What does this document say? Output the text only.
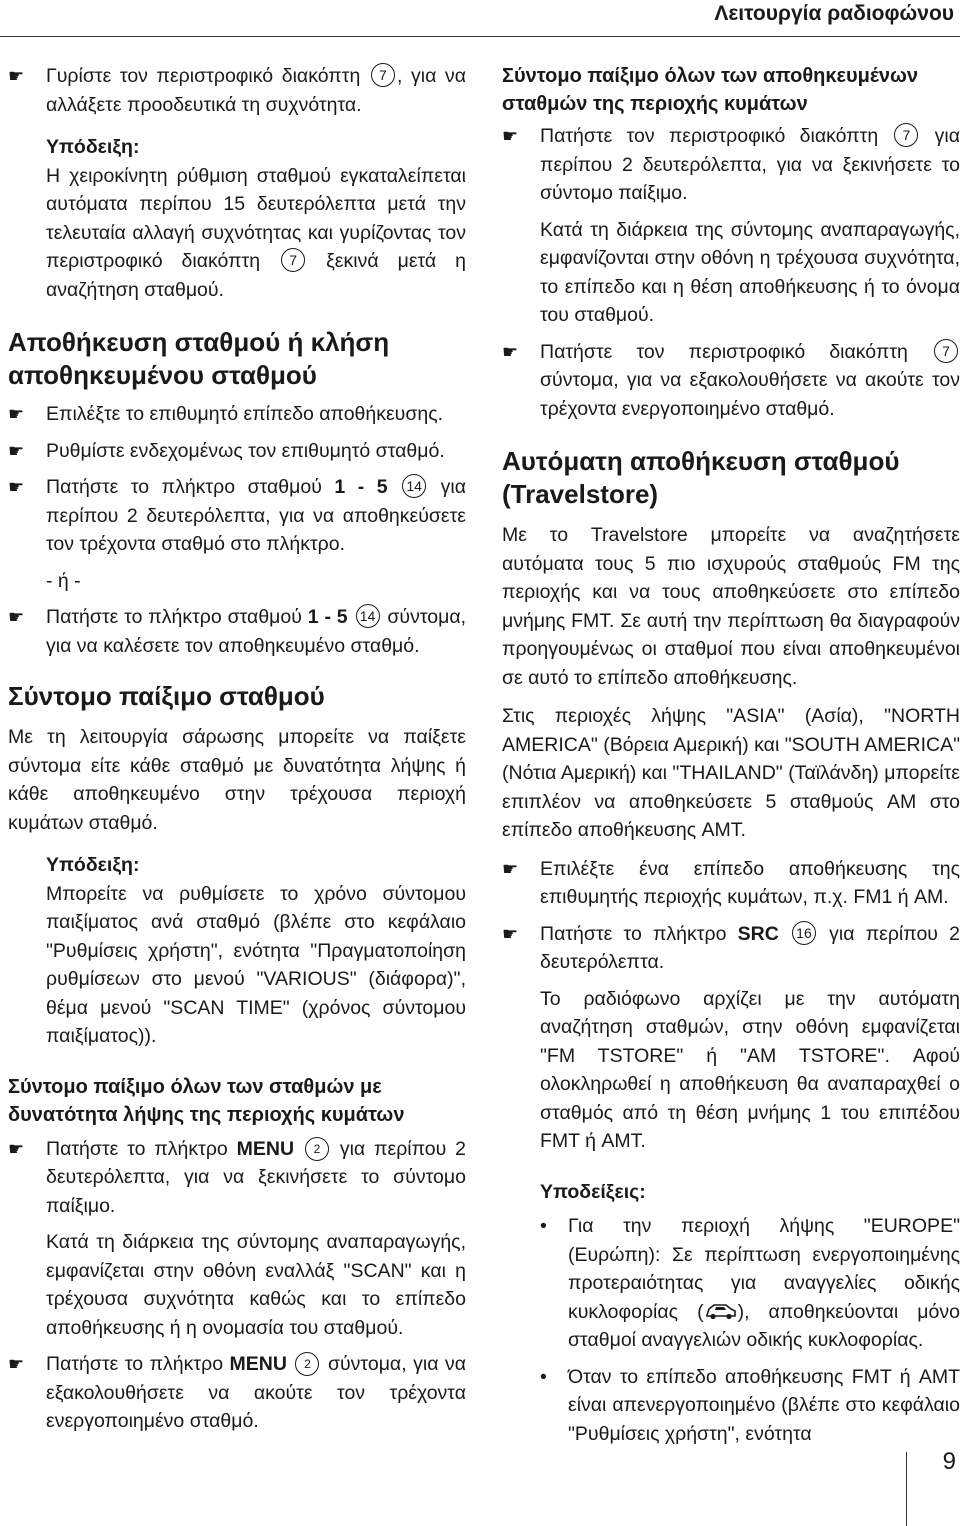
Λειτουργία ραδιοφώνου
☛ Γυρίστε τον περιστροφικό διακόπτη 7 , για να αλλάξετε προοδευτικά τη συχνότητα.

Υπόδειξη:

Η χειροκίνητη ρύθμιση σταθμού εγκαταλείπεται αυτόματα περίπου 15 δευτερόλεπτα μετά την τελευταία αλλαγή συχνότητας και γυρίζοντας τον περιστροφικό διακόπτη 7 ξεκινά μετά η αναζήτηση σταθμού.

Αποθήκευση σταθμού ή κλήση αποθηκευμένου σταθμού
☛ Επιλέξτε το επιθυμητό επίπεδο αποθήκευσης.
☛ Ρυθμίστε ενδεχομένως τον επιθυμητό σταθμό.
☛ Πατήστε το πλήκτρο σταθμού 1 - 5 14 για περίπου 2 δευτερόλεπτα, για να αποθηκεύσετε τον τρέχοντα σταθμό στο πλήκτρο.

- ή -

☛ Πατήστε το πλήκτρο σταθμού 1 - 5 14 σύντομα, για να καλέσετε τον αποθηκευμένο σταθμό.
Σύντομο παίξιμο σταθμού

Με τη λειτουργία σάρωσης μπορείτε να παίξετε σύντομα είτε κάθε σταθμό με δυνατότητα λήψης ή κάθε αποθηκευμένο στην τρέχουσα περιοχή κυμάτων σταθμό.

Υπόδειξη:

Μπορείτε να ρυθμίσετε το χρόνο σύντομου παιξίματος ανά σταθμό (βλέπε στο κεφάλαιο "Ρυθμίσεις χρήστη", ενότητα "Πραγματοποίηση ρυθμίσεων στο μενού "VARIOUS" (διάφορα)", θέμα μενού "SCAN TIME" (χρόνος σύντομου παιξίματος)).

Σύντομο παίξιμο όλων των σταθμών με δυνατότητα λήψης της περιοχής κυμάτων
☛ Πατήστε το πλήκτρο MENU 2 για περίπου 2 δευτερόλεπτα, για να ξεκινήσετε το σύντομο παίξιμο.

Κατά τη διάρκεια της σύντομης αναπαραγωγής, εμφανίζεται στην οθόνη εναλλάξ "SCAN" και η τρέχουσα συχνότητα καθώς και το επίπεδο αποθήκευσης ή η ονομασία του σταθμού.

☛ Πατήστε το πλήκτρο MENU 2 σύντομα, για να εξακολουθήσετε να ακούτε τον τρέχοντα ενεργοποιημένο σταθμό.
Σύντομο παίξιμο όλων των αποθηκευμένων σταθμών της περιοχής κυμάτων
☛ Πατήστε τον περιστροφικό διακόπτη 7 για περίπου 2 δευτερόλεπτα, για να ξεκινήσετε το σύντομο παίξιμο.

Κατά τη διάρκεια της σύντομης αναπαραγωγής, εμφανίζονται στην οθόνη η τρέχουσα συχνότητα, το επίπεδο και η θέση αποθήκευσης ή το όνομα του σταθμού.

☛ Πατήστε τον περιστροφικό διακόπτη 7 σύντομα, για να εξακολουθήσετε να ακούτε τον τρέχοντα ενεργοποιημένο σταθμό.
Αυτόματη αποθήκευση σταθμού (Travelstore)

Με το Travelstore μπορείτε να αναζητήσετε αυτόματα τους 5 πιο ισχυρούς σταθμούς FM της περιοχής και να τους αποθηκεύσετε στο επίπεδο μνήμης FMT. Σε αυτή την περίπτωση θα διαγραφούν προηγουμένως οι σταθμοί που είναι αποθηκευμένοι σε αυτό το επίπεδο αποθήκευσης.

Στις περιοχές λήψης "ASIA" (Ασία), "NORTH AMERICA" (Βόρεια Αμερική) και "SOUTH AMERICA" (Νότια Αμερική) και "THAILAND" (Ταϊλάνδη) μπορείτε επιπλέον να αποθηκεύσετε 5 σταθμούς AM στο επίπεδο αποθήκευσης AMT.

☛ Επιλέξτε ένα επίπεδο αποθήκευσης της επιθυμητής περιοχής κυμάτων, π.χ. FM1 ή AM.
☛ Πατήστε το πλήκτρο SRC 16 για περίπου 2 δευτερόλεπτα.

Το ραδιόφωνο αρχίζει με την αυτόματη αναζήτηση σταθμών, στην οθόνη εμφανίζεται "FM TSTORE" ή "AM TSTORE". Αφού ολοκληρωθεί η αποθήκευση θα αναπαραχθεί ο σταθμός από τη θέση μνήμης 1 του επιπέδου FMT ή AMT.

Υποδείξεις:

• Για την περιοχή λήψης "EUROPE" (Ευρώπη): Σε περίπτωση ενεργοποιημένης προτεραιότητας για αναγγελίες οδικής κυκλοφορίας ( ), αποθηκεύονται μόνο σταθμοί αναγγελιών οδικής κυκλοφορίας.
• Όταν το επίπεδο αποθήκευσης FMT ή AMT είναι απενεργοποιημένο (βλέπε στο κεφάλαιο "Ρυθμίσεις χρήστη", ενότητα
9
